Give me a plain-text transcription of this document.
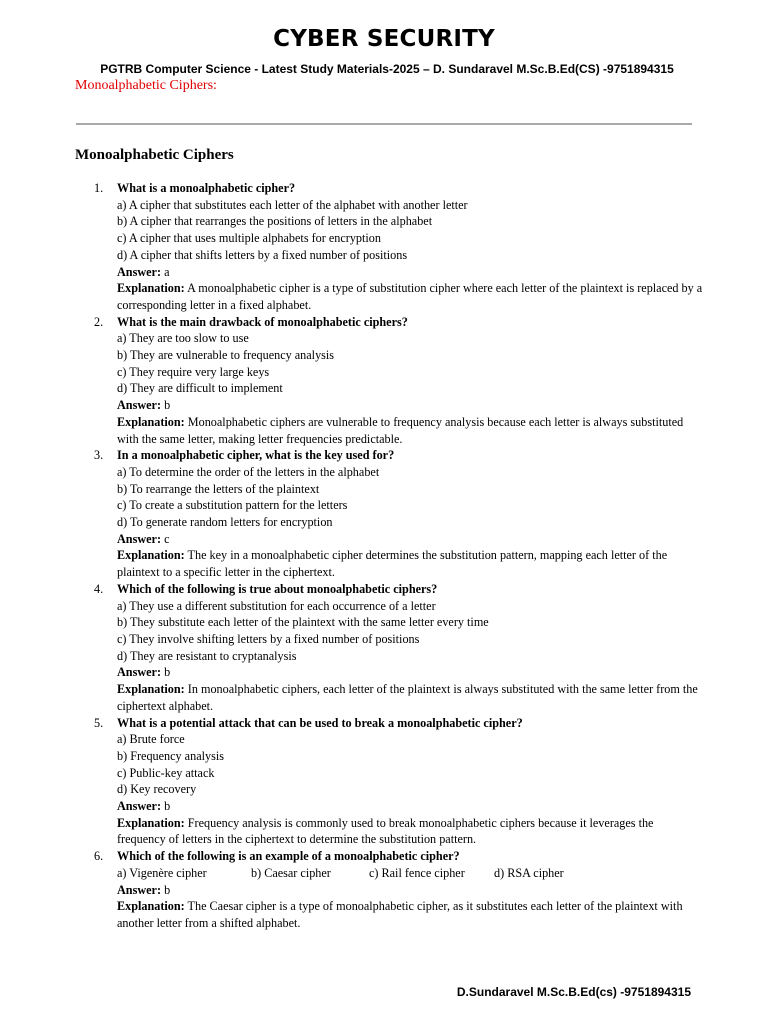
CYBER SECURITY
PGTRB Computer Science - Latest Study Materials-2025 – D. Sundaravel M.Sc.B.Ed(CS) -9751894315
Monoalphabetic Ciphers:
Monoalphabetic Ciphers
1. What is a monoalphabetic cipher?
a) A cipher that substitutes each letter of the alphabet with another letter
b) A cipher that rearranges the positions of letters in the alphabet
c) A cipher that uses multiple alphabets for encryption
d) A cipher that shifts letters by a fixed number of positions
Answer: a
Explanation: A monoalphabetic cipher is a type of substitution cipher where each letter of the plaintext is replaced by a corresponding letter in a fixed alphabet.
2. What is the main drawback of monoalphabetic ciphers?
a) They are too slow to use
b) They are vulnerable to frequency analysis
c) They require very large keys
d) They are difficult to implement
Answer: b
Explanation: Monoalphabetic ciphers are vulnerable to frequency analysis because each letter is always substituted with the same letter, making letter frequencies predictable.
3. In a monoalphabetic cipher, what is the key used for?
a) To determine the order of the letters in the alphabet
b) To rearrange the letters of the plaintext
c) To create a substitution pattern for the letters
d) To generate random letters for encryption
Answer: c
Explanation: The key in a monoalphabetic cipher determines the substitution pattern, mapping each letter of the plaintext to a specific letter in the ciphertext.
4. Which of the following is true about monoalphabetic ciphers?
a) They use a different substitution for each occurrence of a letter
b) They substitute each letter of the plaintext with the same letter every time
c) They involve shifting letters by a fixed number of positions
d) They are resistant to cryptanalysis
Answer: b
Explanation: In monoalphabetic ciphers, each letter of the plaintext is always substituted with the same letter from the ciphertext alphabet.
5. What is a potential attack that can be used to break a monoalphabetic cipher?
a) Brute force
b) Frequency analysis
c) Public-key attack
d) Key recovery
Answer: b
Explanation: Frequency analysis is commonly used to break monoalphabetic ciphers because it leverages the frequency of letters in the ciphertext to determine the substitution pattern.
6. Which of the following is an example of a monoalphabetic cipher?
a) Vigenère cipher	b) Caesar cipher	c) Rail fence cipher d) RSA cipher
Answer: b
Explanation: The Caesar cipher is a type of monoalphabetic cipher, as it substitutes each letter of the plaintext with another letter from a shifted alphabet.
D.Sundaravel M.Sc.B.Ed(cs) -9751894315
